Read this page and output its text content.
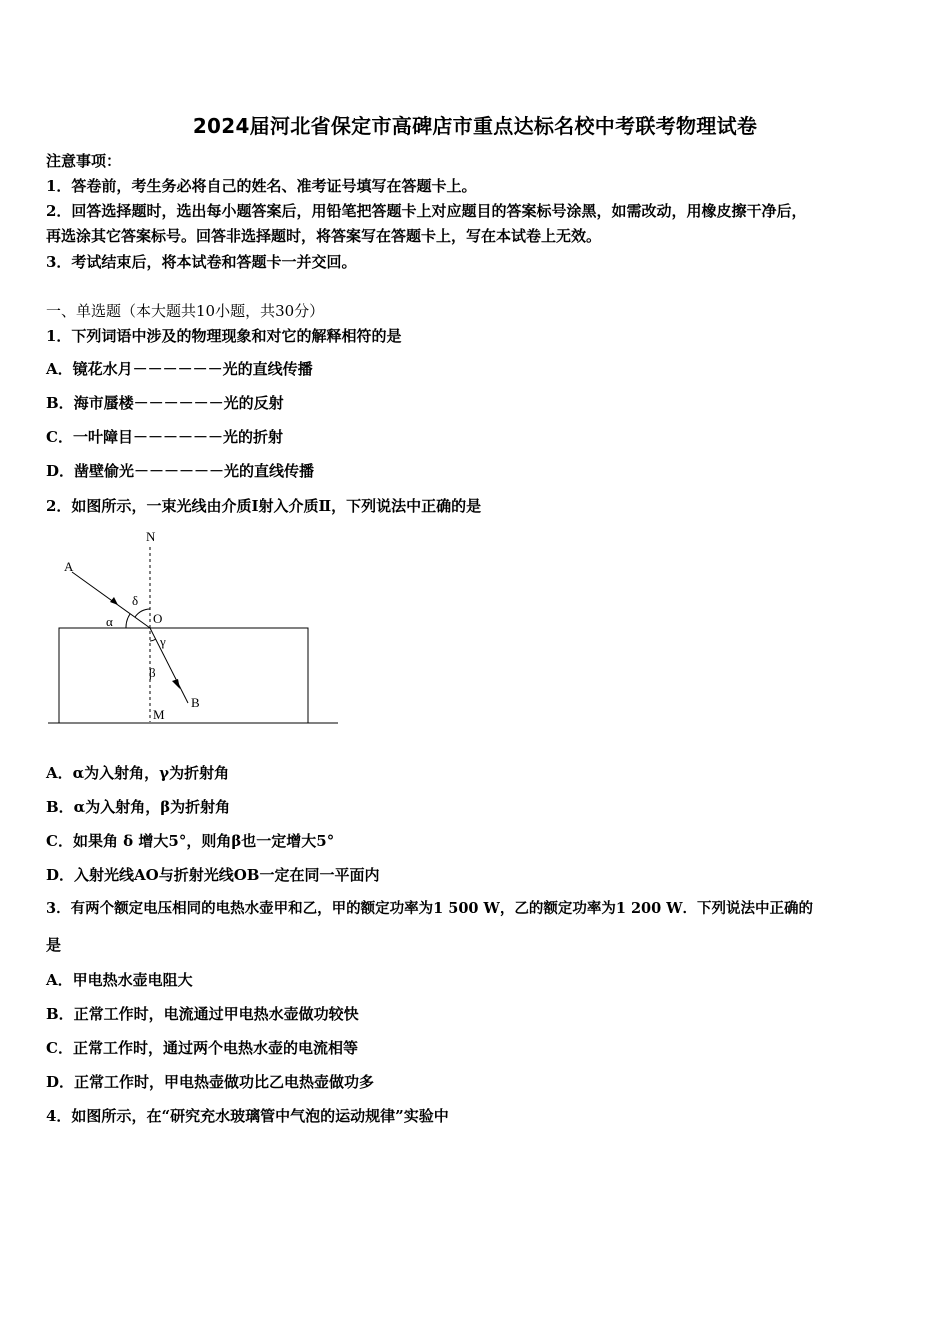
2024届河北省保定市高碑店市重点达标名校中考联考物理试卷
注意事项：
1．答卷前，考生务必将自己的姓名、准考证号填写在答题卡上。
2．回答选择题时，选出每小题答案后，用铅笔把答题卡上对应题目的答案标号涂黑，如需改动，用橡皮擦干净后，
再选涂其它答案标号。回答非选择题时，将答案写在答题卡上，写在本试卷上无效。
3．考试结束后，将本试卷和答题卡一并交回。
一、单选题（本大题共10小题，共30分）
1．下列词语中涉及的物理现象和对它的解释相符的是
A．镜花水月－－－－－－光的直线传播
B．海市蜃楼－－－－－－光的反射
C．一叶障目－－－－－－光的折射
D．凿壁偷光－－－－－－光的直线传播
2．如图所示，一束光线由介质Ⅰ射入介质Ⅱ，下列说法中正确的是
N
A
δ
O
α
γ
β
B
M
A．α为入射角，γ为折射角
B．α为入射角，β为折射角
C．如果角 δ 增大5°，则角β也一定增大5°
D．入射光线AO与折射光线OB一定在同一平面内
3．有两个额定电压相同的电热水壶甲和乙，甲的额定功率为1 500 W，乙的额定功率为1 200 W．下列说法中正确的
是
A．甲电热水壶电阻大
B．正常工作时，电流通过甲电热水壶做功较快
C．正常工作时，通过两个电热水壶的电流相等
D．正常工作时，甲电热壶做功比乙电热壶做功多
4．如图所示，在“研究充水玻璃管中气泡的运动规律”实验中
